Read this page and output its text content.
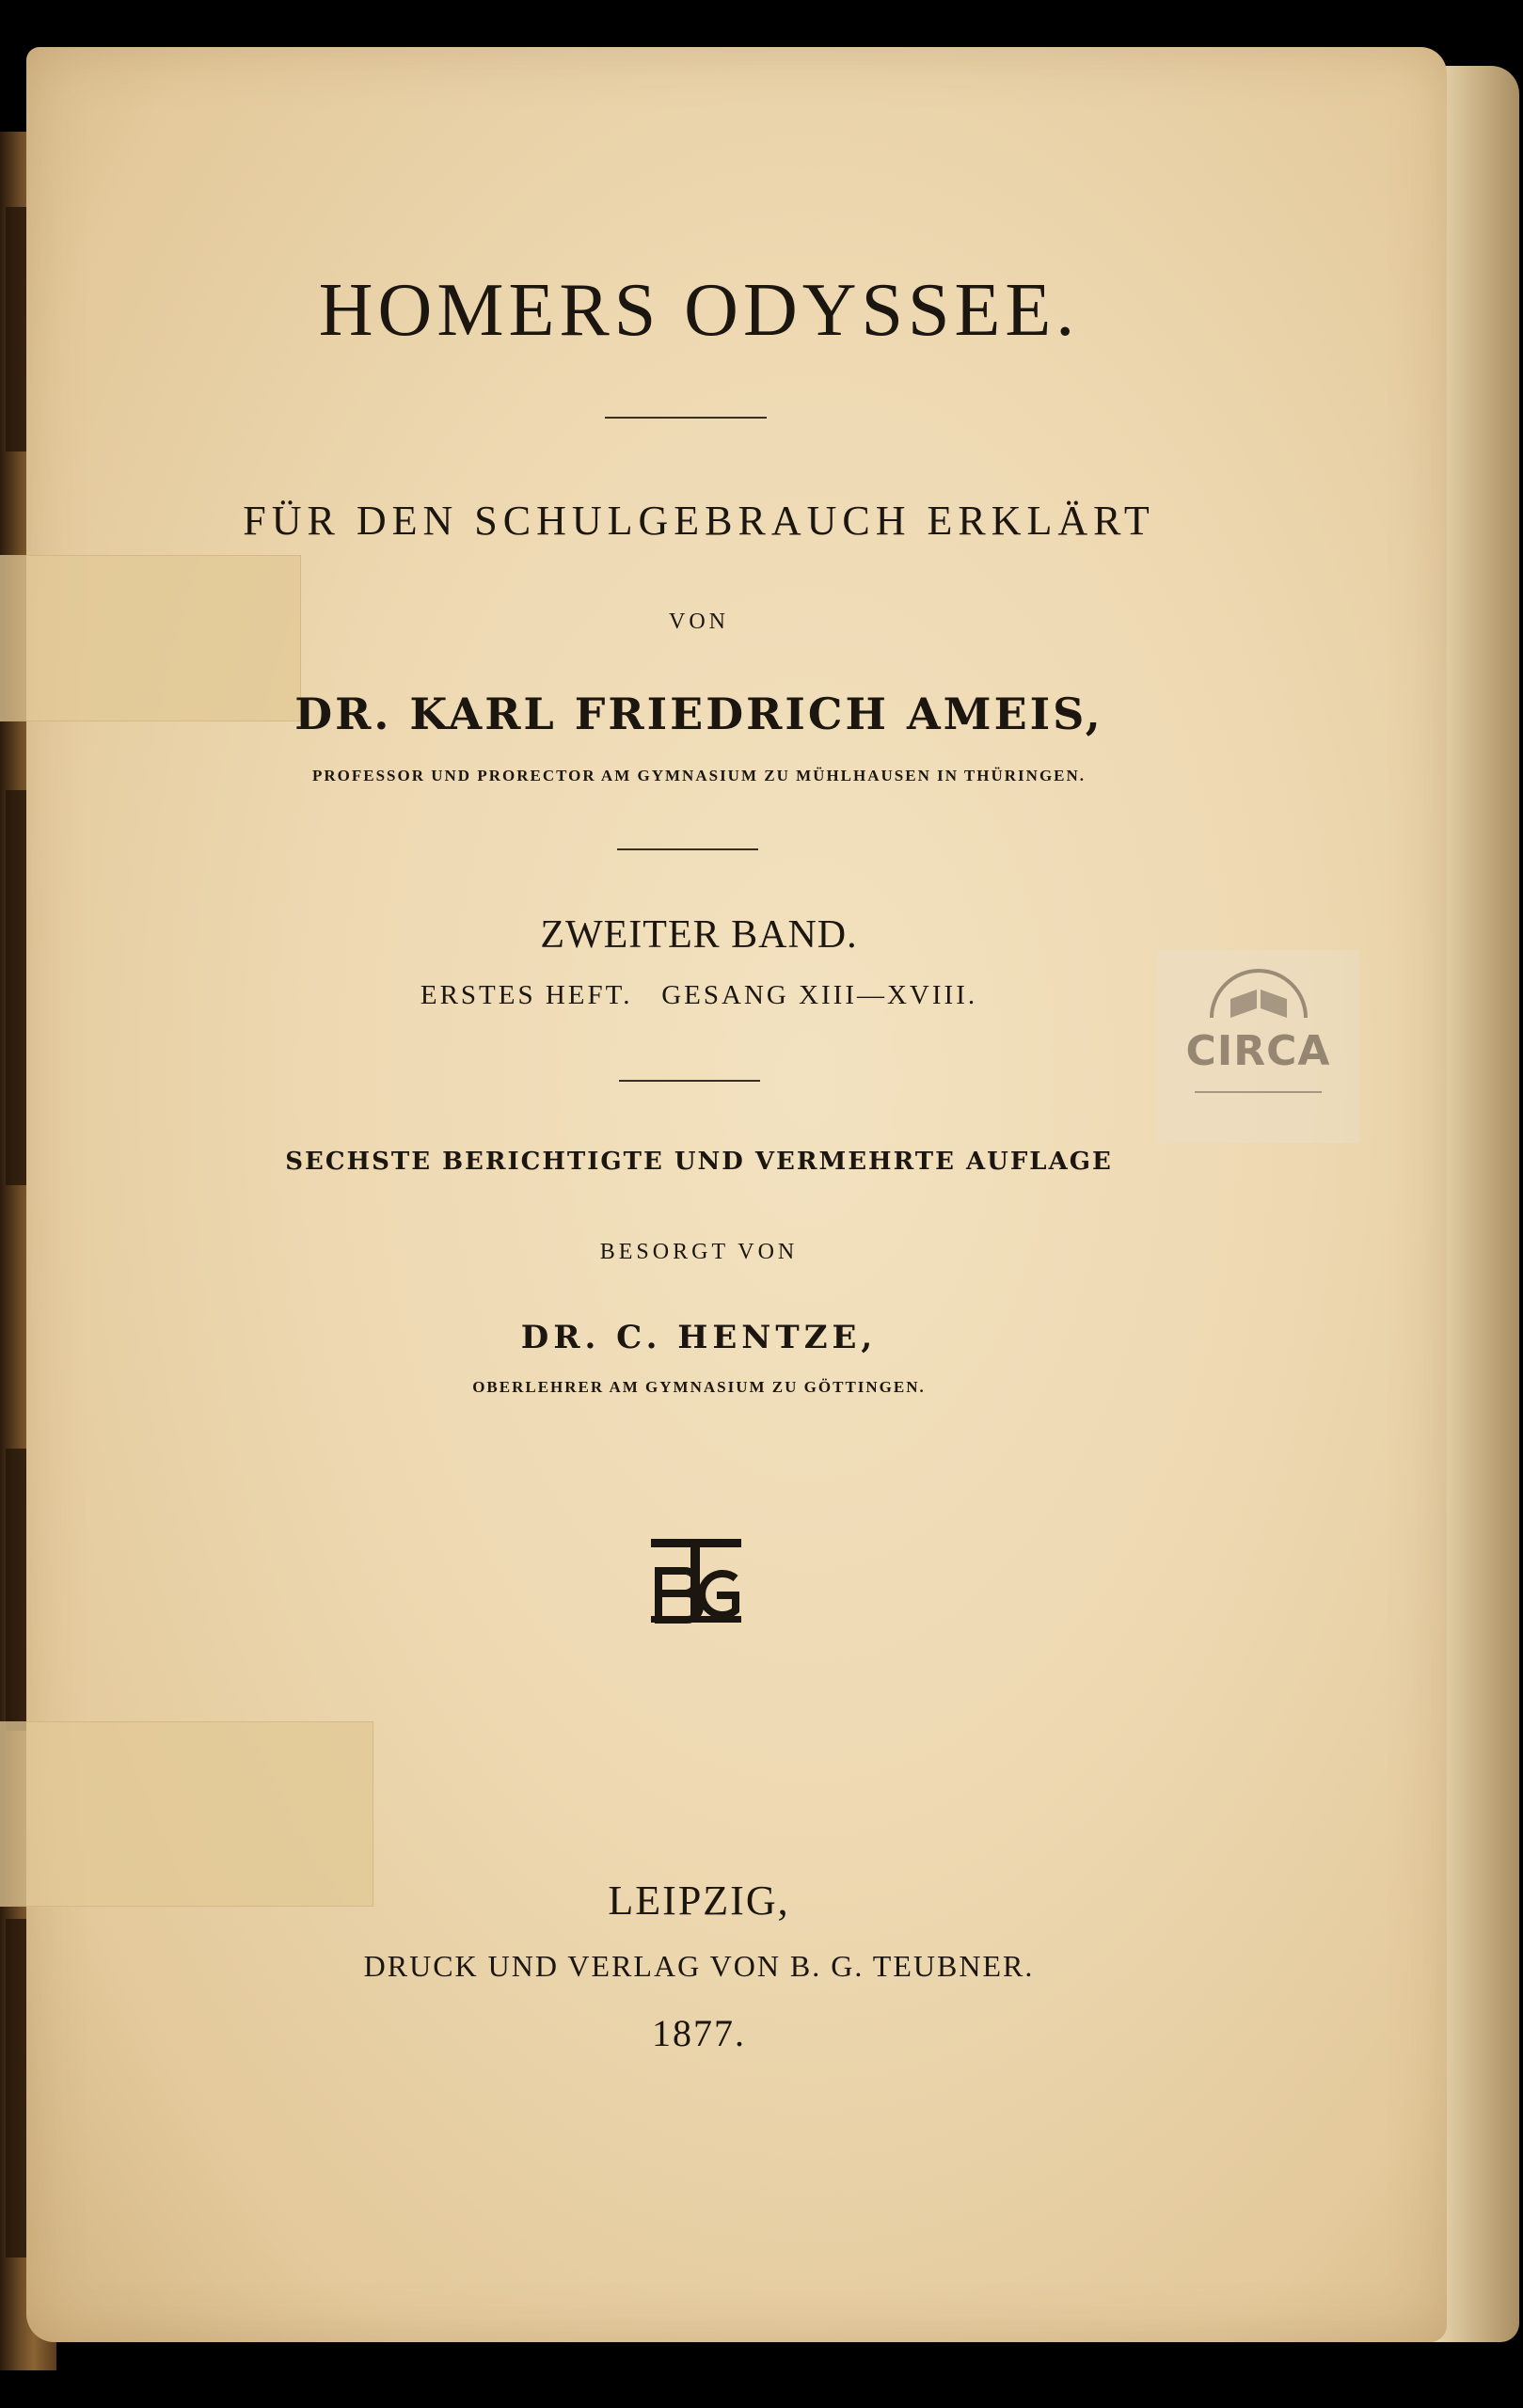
HOMERS ODYSSEE.
FÜR DEN SCHULGEBRAUCH ERKLÄRT
VON
DR. KARL FRIEDRICH AMEIS,
PROFESSOR UND PRORECTOR AM GYMNASIUM ZU MÜHLHAUSEN IN THÜRINGEN.
ZWEITER BAND.
ERSTES HEFT.   GESANG XIII—XVIII.
SECHSTE BERICHTIGTE UND VERMEHRTE AUFLAGE
BESORGT VON
DR. C. HENTZE,
OBERLEHRER AM GYMNASIUM ZU GÖTTINGEN.
LEIPZIG,
DRUCK UND VERLAG VON B. G. TEUBNER.
1877.
CIRCA
